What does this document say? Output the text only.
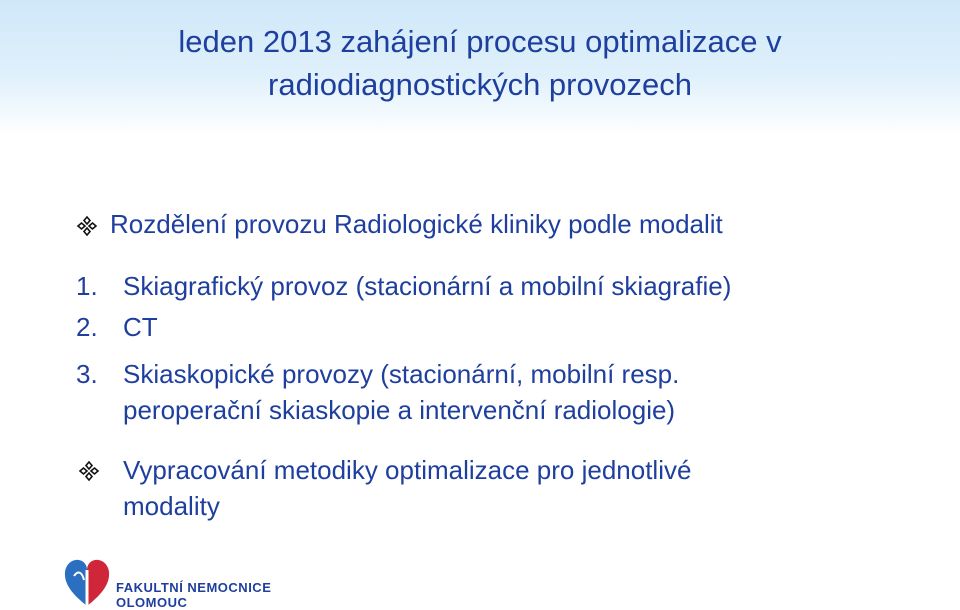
leden 2013 zahájení procesu optimalizace v
radiodiagnostických provozech
Rozdělení provozu Radiologické kliniky podle modalit
1. Skiagrafický provoz (stacionární a mobilní skiagrafie)
2. CT
3. Skiaskopické provozy (stacionární, mobilní resp.
peroperační skiaskopie a intervenční radiologie)
Vypracování metodiky optimalizace pro jednotlivé
modality
FAKULTNÍ NEMOCNICE
OLOMOUC
